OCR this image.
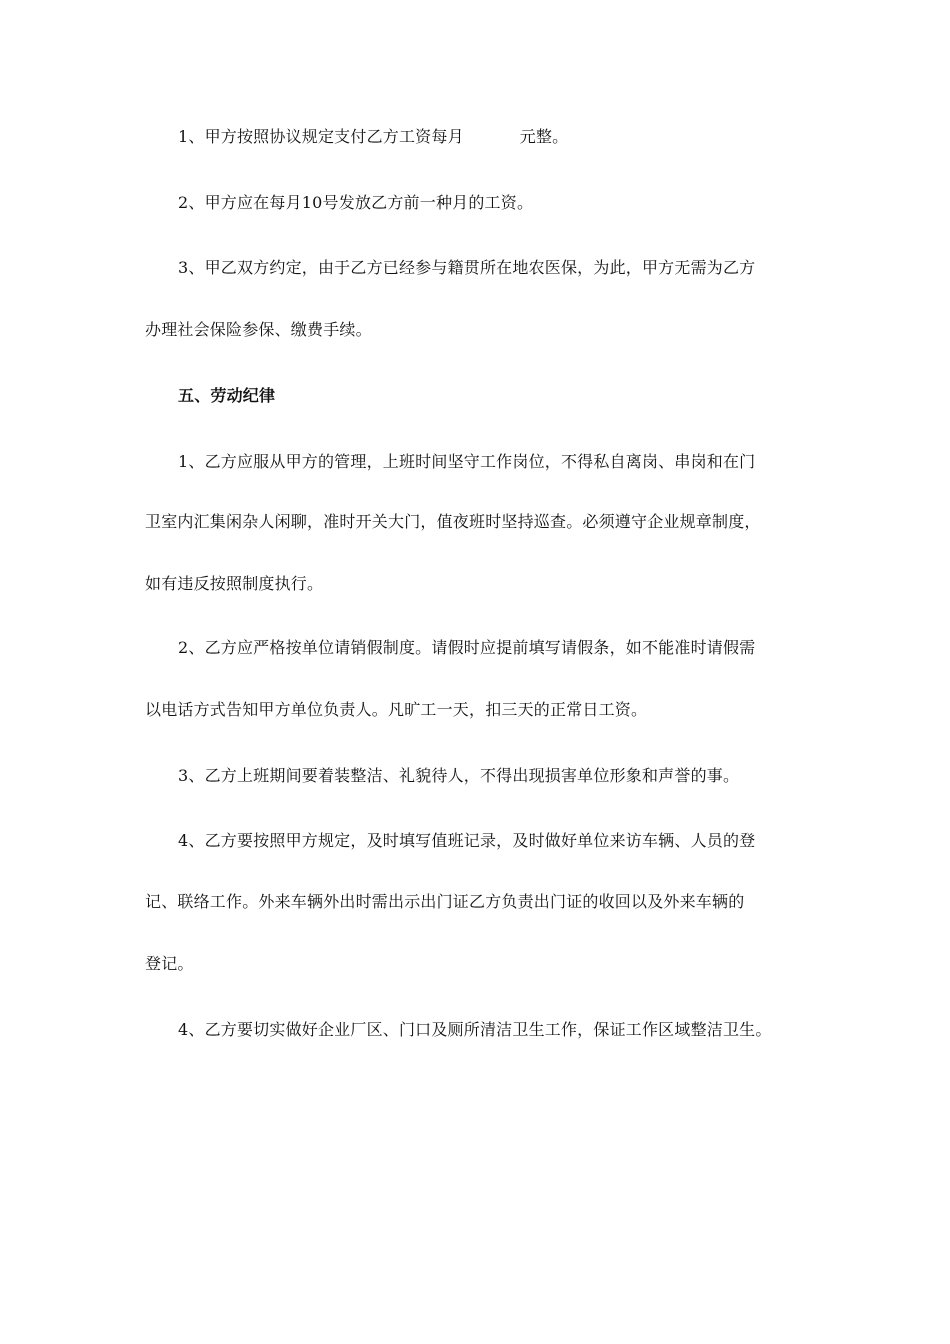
1、甲方按照协议规定支付乙方工资每月	元整。
2、甲方应在每月10号发放乙方前一种月的工资。
3、甲乙双方约定，由于乙方已经参与籍贯所在地农医保，为此，甲方无需为乙方
办理社会保险参保、缴费手续。
五、劳动纪律
1、乙方应服从甲方的管理，上班时间坚守工作岗位，不得私自离岗、串岗和在门
卫室内汇集闲杂人闲聊，准时开关大门，值夜班时坚持巡查。必须遵守企业规章制度，
如有违反按照制度执行。
2、乙方应严格按单位请销假制度。请假时应提前填写请假条，如不能准时请假需
以电话方式告知甲方单位负责人。凡旷工一天，扣三天的正常日工资。
3、乙方上班期间要着装整洁、礼貌待人，不得出现损害单位形象和声誉的事。
4、乙方要按照甲方规定，及时填写值班记录，及时做好单位来访车辆、人员的登
记、联络工作。外来车辆外出时需出示出门证乙方负责出门证的收回以及外来车辆的
登记。
4、乙方要切实做好企业厂区、门口及厕所清洁卫生工作，保证工作区域整洁卫生。
